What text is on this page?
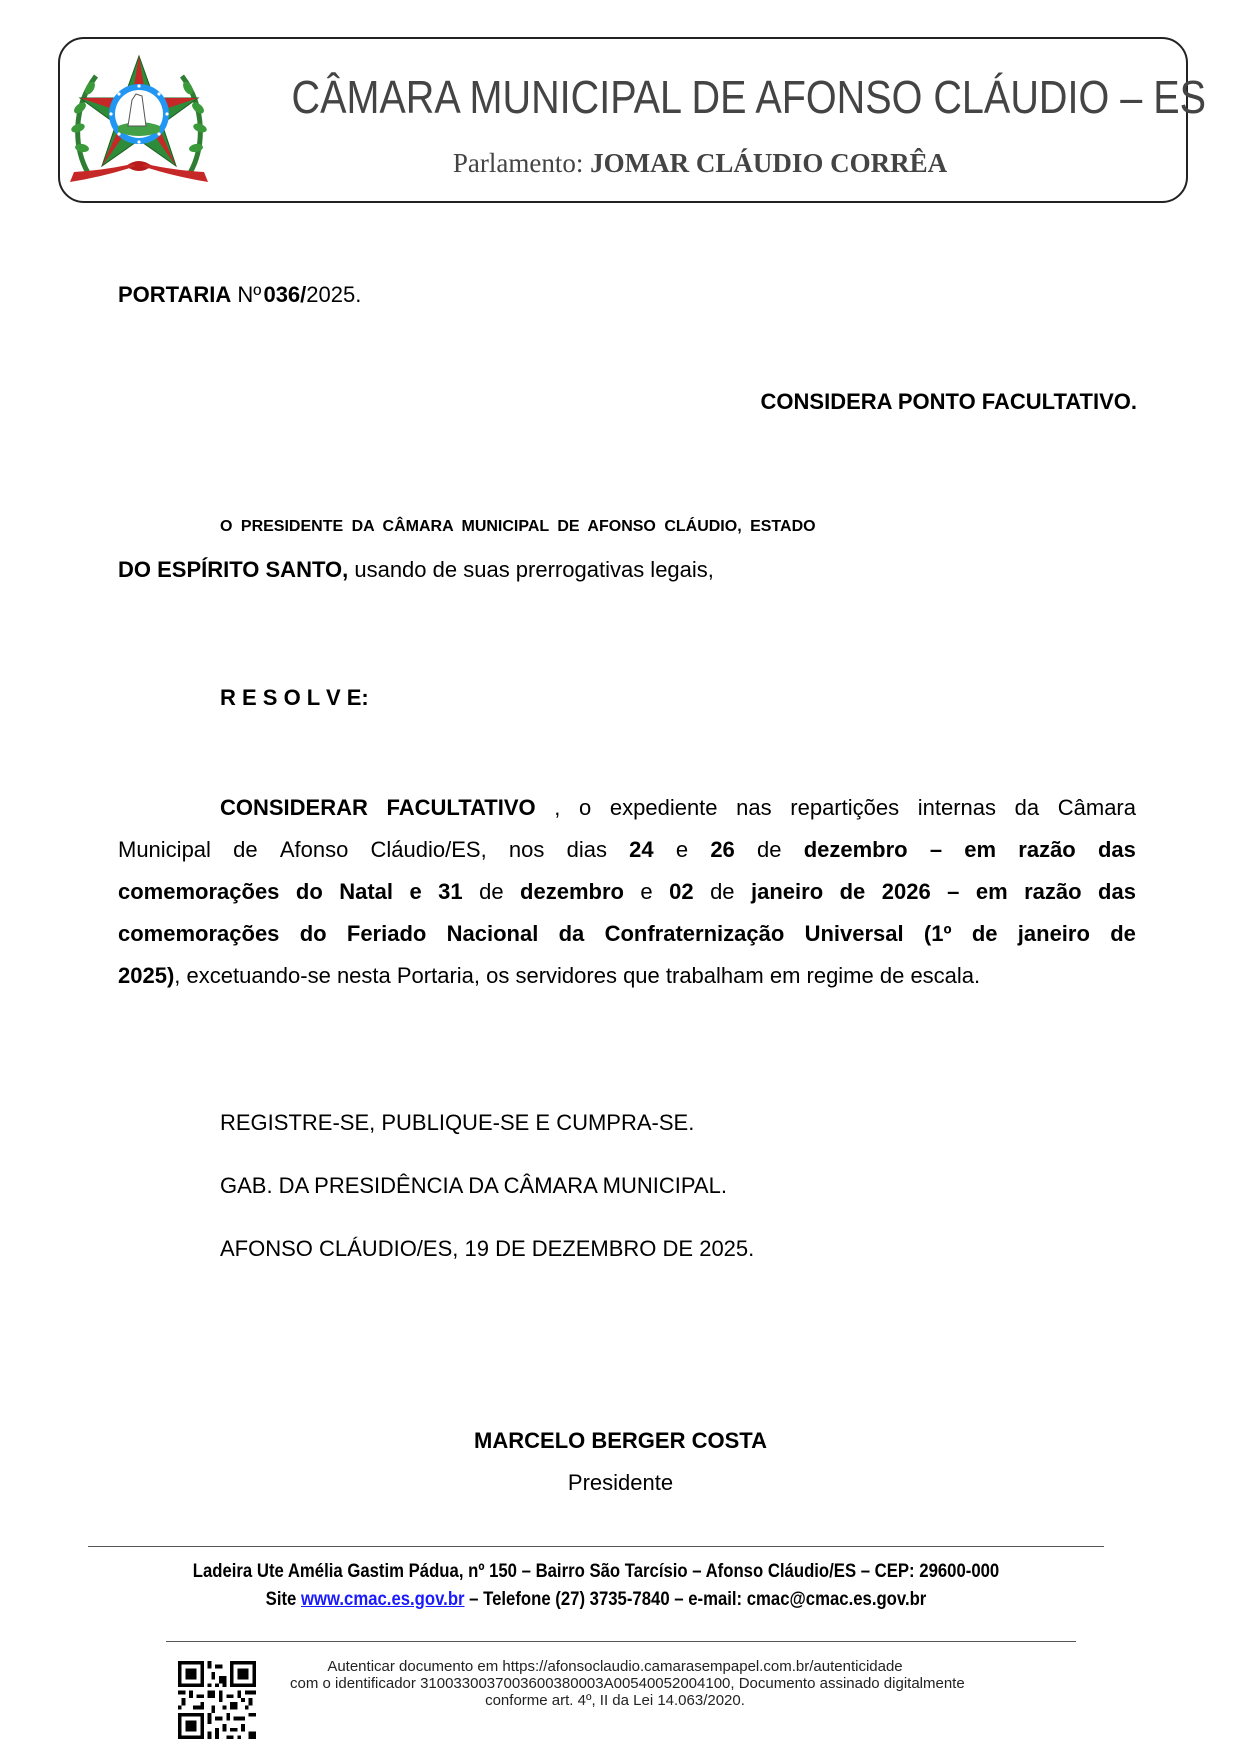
CÂMARA MUNICIPAL DE AFONSO CLÁUDIO – ES
Parlamento: JOMAR CLÁUDIO CORRÊA
PORTARIA Nº 036/2025.
CONSIDERA PONTO FACULTATIVO.
O PRESIDENTE DA CÂMARA MUNICIPAL DE AFONSO CLÁUDIO, ESTADO
DO ESPÍRITO SANTO, usando de suas prerrogativas legais,
R E S O L V E:
CONSIDERAR FACULTATIVO , o expediente nas repartições internas da Câmara
Municipal de Afonso Cláudio/ES, nos dias 24 e 26 de dezembro – em razão das
comemorações do Natal e 31 de dezembro e 02 de janeiro de 2026 – em razão das
comemorações do Feriado Nacional da Confraternização Universal (1º de janeiro de
2025) , excetuando-se nesta Portaria, os servidores que trabalham em regime de escala.
REGISTRE-SE, PUBLIQUE-SE E CUMPRA-SE.
GAB. DA PRESIDÊNCIA DA CÂMARA MUNICIPAL.
AFONSO CLÁUDIO/ES, 19 DE DEZEMBRO DE 2025.
MARCELO BERGER COSTA
Presidente
Ladeira Ute Amélia Gastim Pádua, nº 150 – Bairro São Tarcísio – Afonso Cláudio/ES – CEP: 29600-000
Site www.cmac.es.gov.br – Telefone (27) 3735-7840 – e-mail: cmac@cmac.es.gov.br
Autenticar documento em https://afonsoclaudio.camarasempapel.com.br/autenticidade
com o identificador 3100330037003600380003A00540052004100, Documento assinado digitalmente
conforme art. 4º, II da Lei 14.063/2020.
